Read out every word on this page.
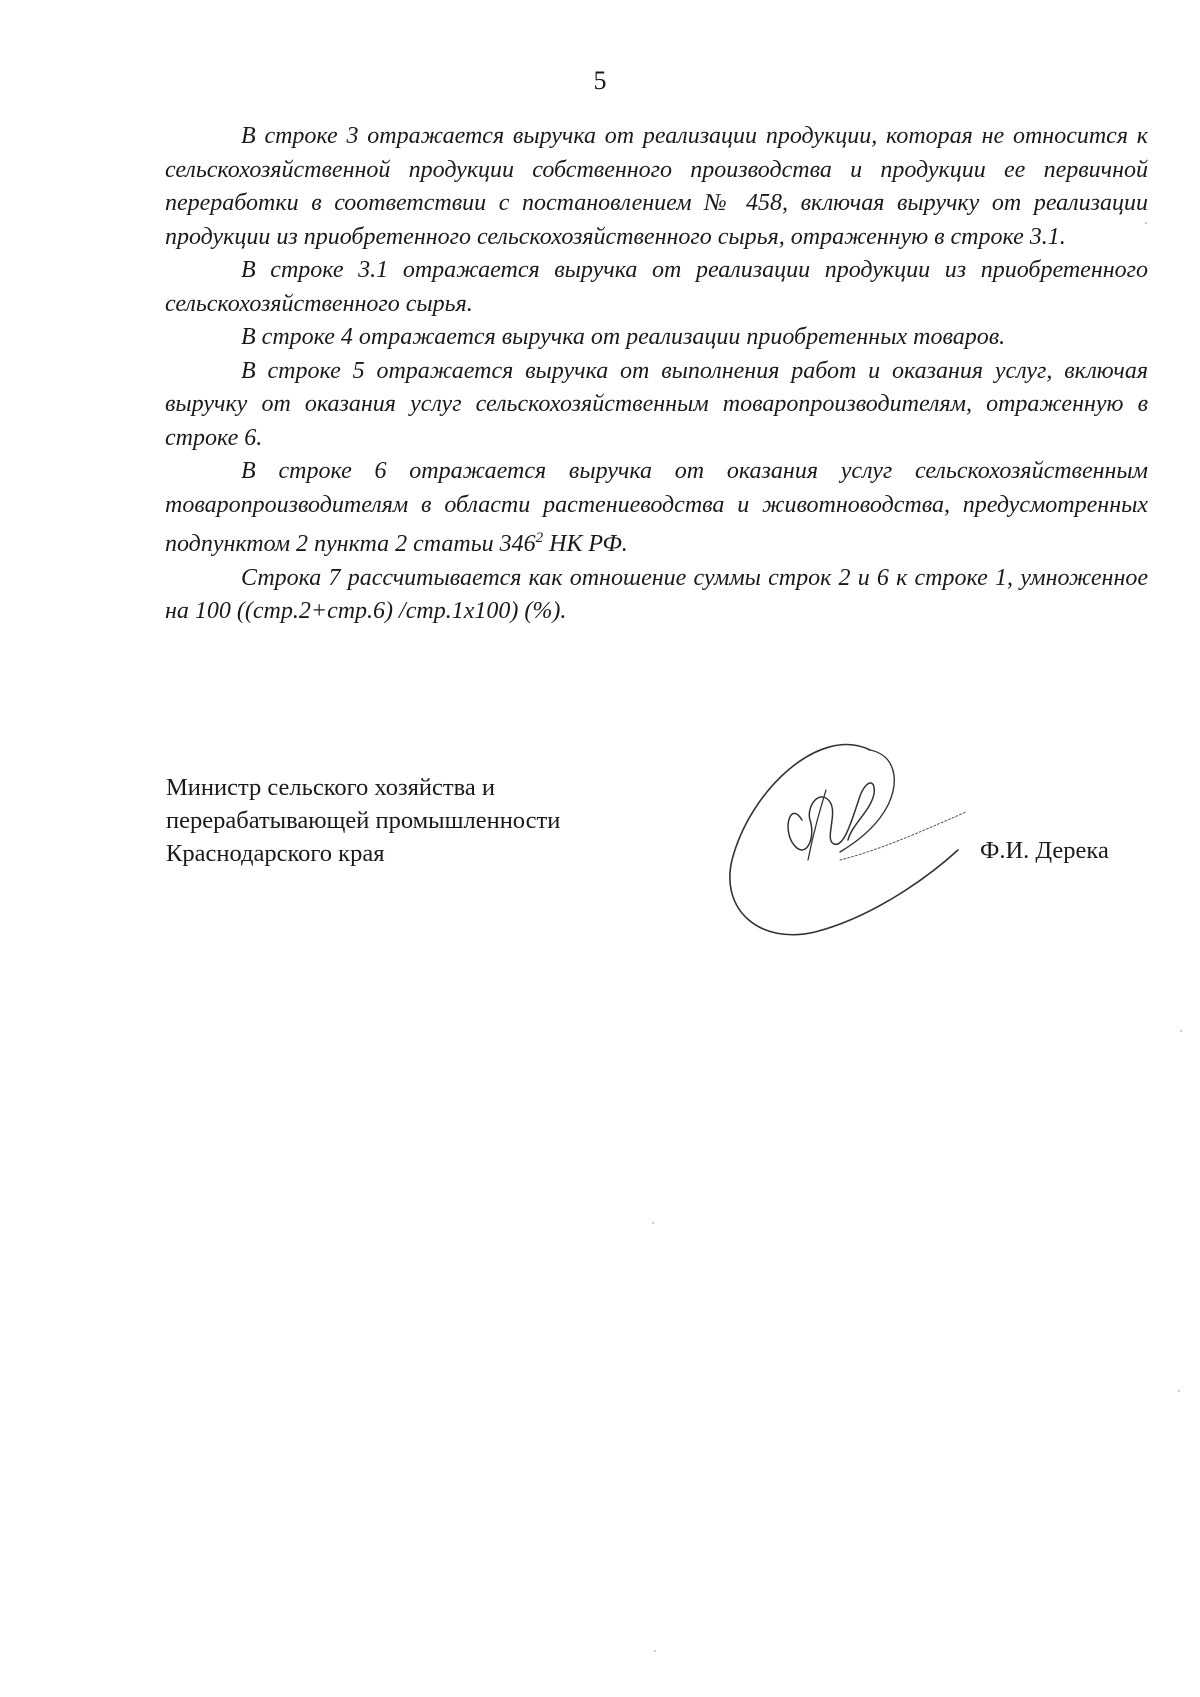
5

В строке 3 отражается выручка от реализации продукции, которая не относится к сельскохозяйственной продукции собственного производства и продукции ее первичной переработки в соответствии с постановлением № 458, включая выручку от реализации продукции из приобретенного сельскохозяйственного сырья, отраженную в строке 3.1.

В строке 3.1 отражается выручка от реализации продукции из приобретенного сельскохозяйственного сырья.

В строке 4 отражается выручка от реализации приобретенных товаров.

В строке 5 отражается выручка от выполнения работ и оказания услуг, включая выручку от оказания услуг сельскохозяйственным товаропроизводителям, отраженную в строке 6.

В строке 6 отражается выручка от оказания услуг сельскохозяйственным товаропроизводителям в области растениеводства и животноводства, предусмотренных подпунктом 2 пункта 2 статьи $346^2$ НК РФ.

Строка 7 рассчитывается как отношение суммы строк 2 и 6 к строке 1, умноженное на 100 ((стр.2+стр.6) /стр.1х100) (%).

Министр сельского хозяйства и
перерабатывающей промышленности
Краснодарского края	Ф.И. Дерека
